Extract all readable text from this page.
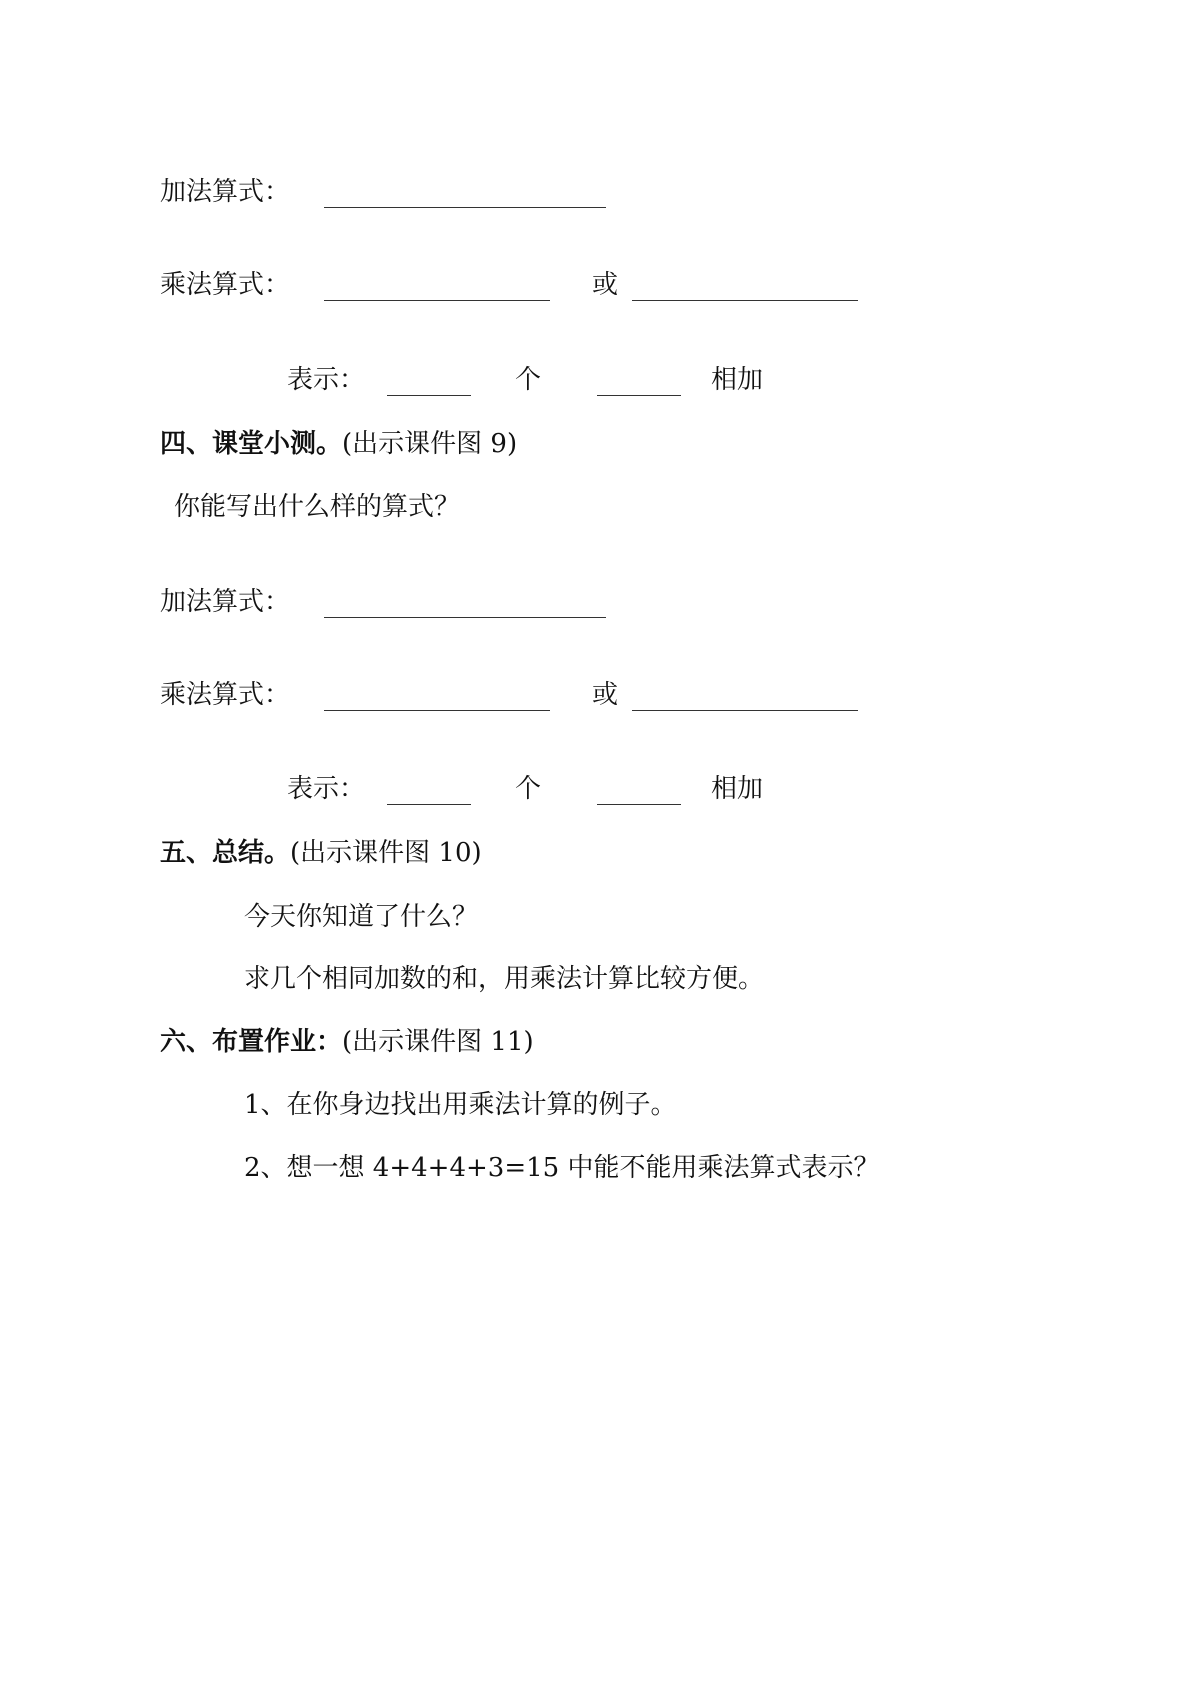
加法算式：
乘法算式：	或
表示：	个	相加
四、课堂小测。(出示课件图 9)
你能写出什么样的算式？
加法算式：
乘法算式：	或
表示：	个	相加
五、总结。(出示课件图 10)
今天你知道了什么？
求几个相同加数的和，用乘法计算比较方便。
六、布置作业：(出示课件图 11)
1、在你身边找出用乘法计算的例子。
2、想一想 4+4+4+3=15 中能不能用乘法算式表示？
